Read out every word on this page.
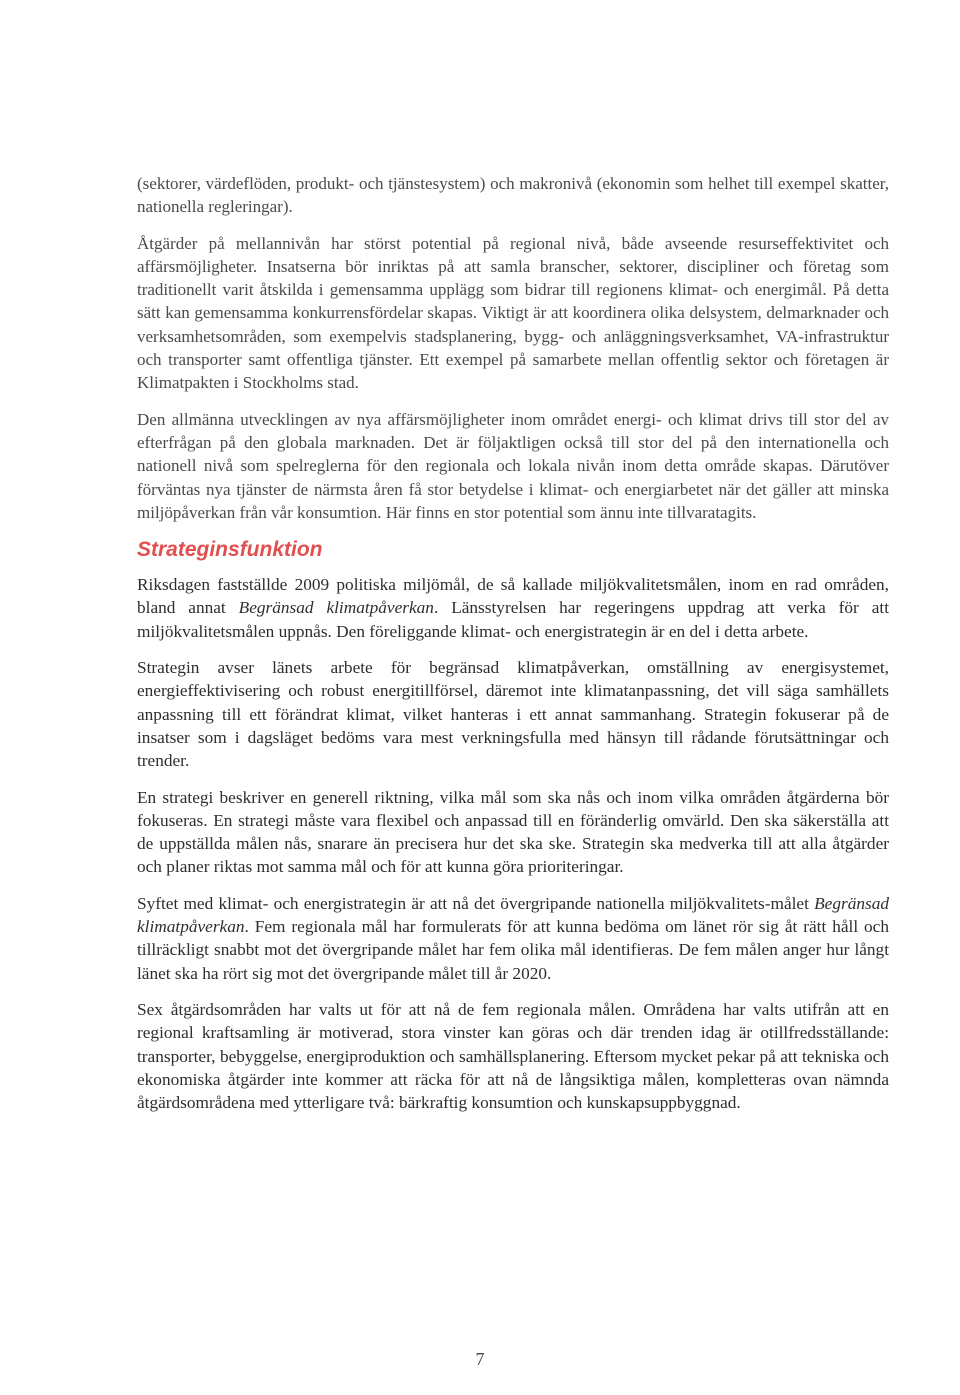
(sektorer, värdeflöden, produkt- och tjänstesystem) och makronivå (ekonomin som helhet till exempel skatter, nationella regleringar).

Åtgärder på mellannivån har störst potential på regional nivå, både avseende resurseffektivitet och affärsmöjligheter. Insatserna bör inriktas på att samla branscher, sektorer, discipliner och företag som traditionellt varit åtskilda i gemensamma upplägg som bidrar till regionens klimat- och energimål. På detta sätt kan gemensamma konkurrensfördelar skapas. Viktigt är att koordinera olika delsystem, delmarknader och verksamhetsområden, som exempelvis stadsplanering, bygg- och anläggningsverksamhet, VA-infrastruktur och transporter samt offentliga tjänster. Ett exempel på samarbete mellan offentlig sektor och företagen är Klimatpakten i Stockholms stad.

Den allmänna utvecklingen av nya affärsmöjligheter inom området energi- och klimat drivs till stor del av efterfrågan på den globala marknaden. Det är följaktligen också till stor del på den internationella och nationell nivå som spelreglerna för den regionala och lokala nivån inom detta område skapas. Därutöver förväntas nya tjänster de närmsta åren få stor betydelse i klimat- och energiarbetet när det gäller att minska miljöpåverkan från vår konsumtion. Här finns en stor potential som ännu inte tillvaratagits.

Strateginsfunktion

Riksdagen fastställde 2009 politiska miljömål, de så kallade miljökvalitetsmålen, inom en rad områden, bland annat Begränsad klimatpåverkan. Länsstyrelsen har regeringens uppdrag att verka för att miljökvalitetsmålen uppnås. Den föreliggande klimat- och energistrategin är en del i detta arbete.

Strategin avser länets arbete för begränsad klimatpåverkan, omställning av energisystemet, energieffektivisering och robust energitillförsel, däremot inte klimatanpassning, det vill säga samhällets anpassning till ett förändrat klimat, vilket hanteras i ett annat sammanhang. Strategin fokuserar på de insatser som i dagsläget bedöms vara mest verkningsfulla med hänsyn till rådande förutsättningar och trender.

En strategi beskriver en generell riktning, vilka mål som ska nås och inom vilka områden åtgärderna bör fokuseras. En strategi måste vara flexibel och anpassad till en föränderlig omvärld. Den ska säkerställa att de uppställda målen nås, snarare än precisera hur det ska ske. Strategin ska medverka till att alla åtgärder och planer riktas mot samma mål och för att kunna göra prioriteringar.

Syftet med klimat- och energistrategin är att nå det övergripande nationella miljökvalitets-målet Begränsad klimatpåverkan. Fem regionala mål har formulerats för att kunna bedöma om länet rör sig åt rätt håll och tillräckligt snabbt mot det övergripande målet har fem olika mål identifieras. De fem målen anger hur långt länet ska ha rört sig mot det övergripande målet till år 2020.

Sex åtgärdsområden har valts ut för att nå de fem regionala målen. Områdena har valts utifrån att en regional kraftsamling är motiverad, stora vinster kan göras och där trenden idag är otillfredsställande: transporter, bebyggelse, energiproduktion och samhällsplanering. Eftersom mycket pekar på att tekniska och ekonomiska åtgärder inte kommer att räcka för att nå de långsiktiga målen, kompletteras ovan nämnda åtgärdsområdena med ytterligare två: bärkraftig konsumtion och kunskapsuppbyggnad.

7
